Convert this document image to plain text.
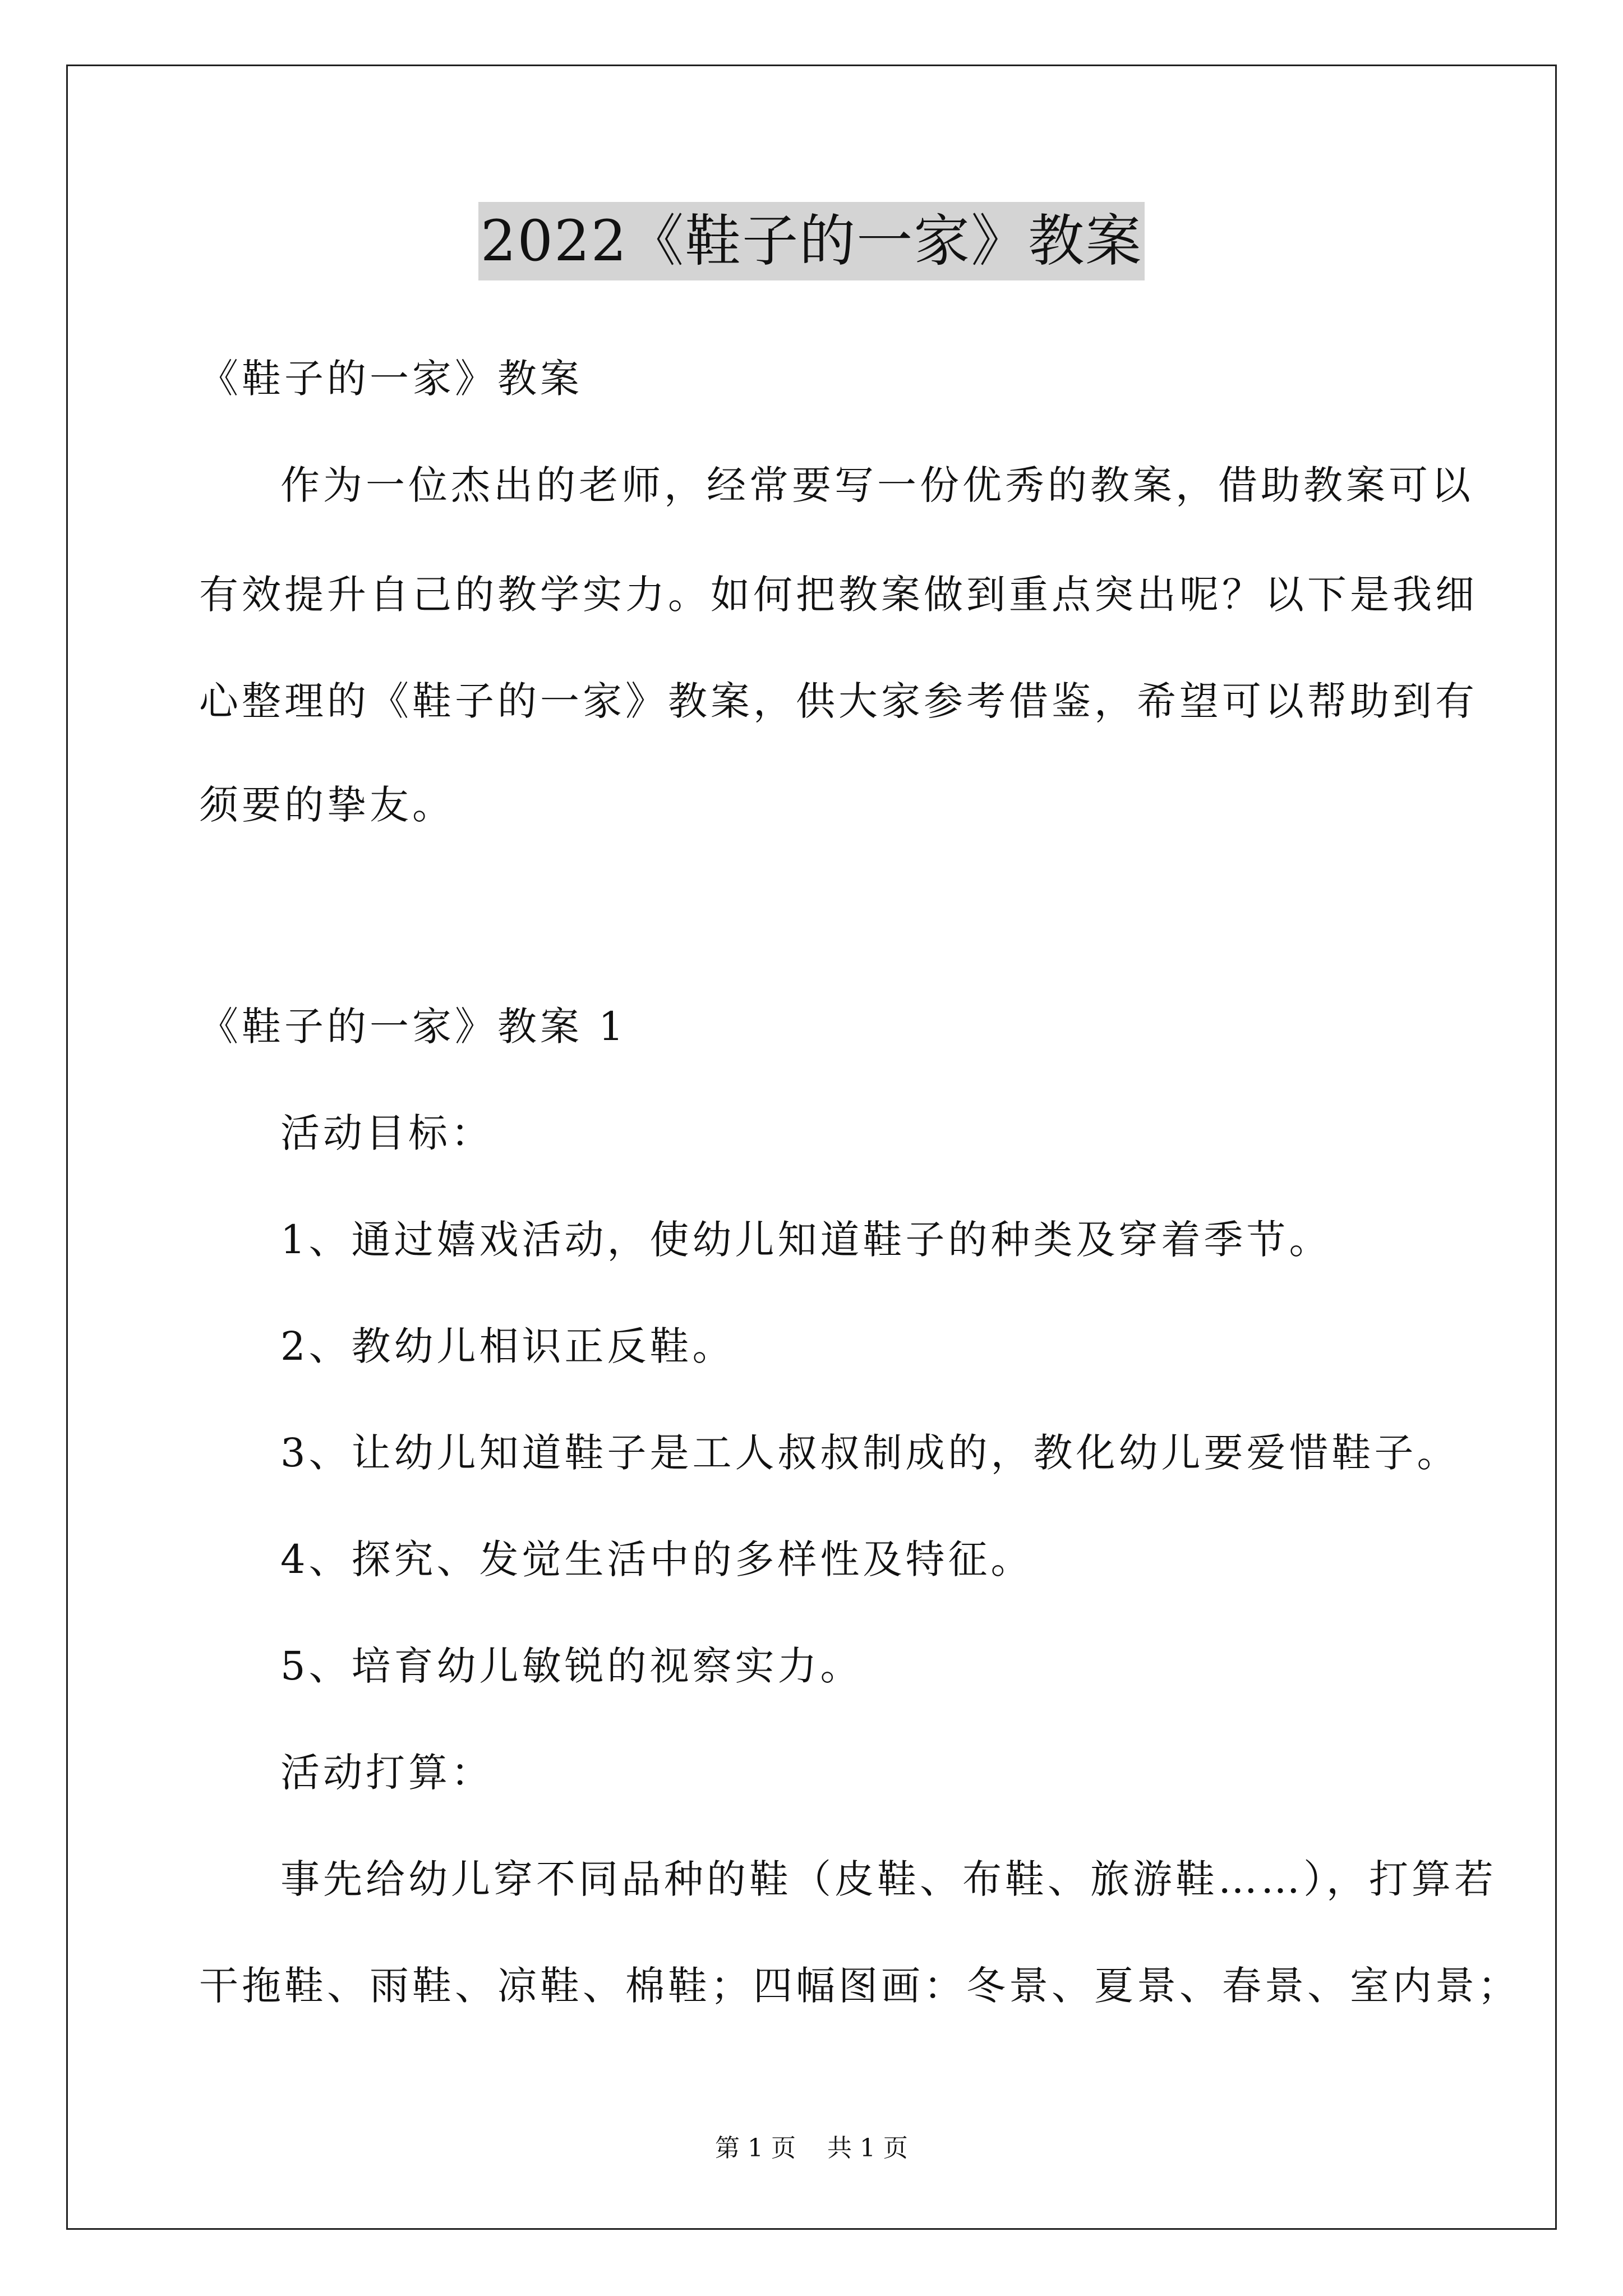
2022《鞋子的一家》教案
《鞋子的一家》教案
作为一位杰出的老师，经常要写一份优秀的教案，借助教案可以
有效提升自己的教学实力。如何把教案做到重点突出呢？以下是我细
心整理的《鞋子的一家》教案，供大家参考借鉴，希望可以帮助到有
须要的挚友。
《鞋子的一家》教案 1
活动目标：
1、通过嬉戏活动，使幼儿知道鞋子的种类及穿着季节。
2、教幼儿相识正反鞋。
3、让幼儿知道鞋子是工人叔叔制成的，教化幼儿要爱惜鞋子。
4、探究、发觉生活中的多样性及特征。
5、培育幼儿敏锐的视察实力。
活动打算：
事先给幼儿穿不同品种的鞋（皮鞋、布鞋、旅游鞋……），打算若
干拖鞋、雨鞋、凉鞋、棉鞋；四幅图画：冬景、夏景、春景、室内景；
第 1 页    共 1 页
